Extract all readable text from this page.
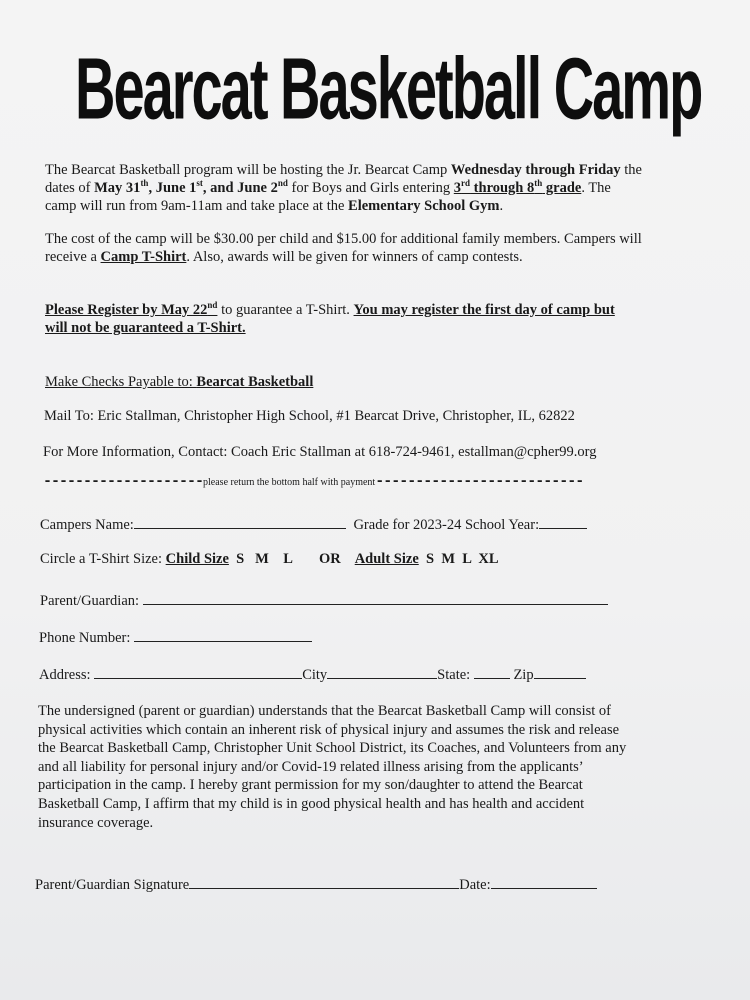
Bearcat Basketball Camp
The Bearcat Basketball program will be hosting the Jr. Bearcat Camp Wednesday through Friday the
dates of May 31th, June 1st, and June 2nd for Boys and Girls entering 3rd through 8th grade. The
camp will run from 9am-11am and take place at the Elementary School Gym.
The cost of the camp will be $30.00 per child and $15.00 for additional family members. Campers will
receive a Camp T-Shirt. Also, awards will be given for winners of camp contests.
Please Register by May 22nd to guarantee a T-Shirt. You may register the first day of camp but
will not be guaranteed a T-Shirt.
Make Checks Payable to: Bearcat Basketball
Mail To: Eric Stallman, Christopher High School, #1 Bearcat Drive, Christopher, IL, 62822
For More Information, Contact: Coach Eric Stallman at 618-724-9461, estallman@cpher99.org
--------------------please return the bottom half with payment--------------------------
Campers Name:	Grade for 2023-24 School Year:
Circle a T-Shirt Size: Child Size  S   M    L OR Adult Size  S  M  L  XL
Parent/Guardian:
Phone Number:
Address:	City	State:  Zip
The undersigned (parent or guardian) understands that the Bearcat Basketball Camp will consist of
physical activities which contain an inherent risk of physical injury and assumes the risk and release
the Bearcat Basketball Camp, Christopher Unit School District, its Coaches, and Volunteers from any
and all liability for personal injury and/or Covid-19 related illness arising from the applicants’
participation in the camp. I hereby grant permission for my son/daughter to attend the Bearcat
Basketball Camp, I affirm that my child is in good physical health and has health and accident
insurance coverage.
Parent/Guardian Signature	Date:
